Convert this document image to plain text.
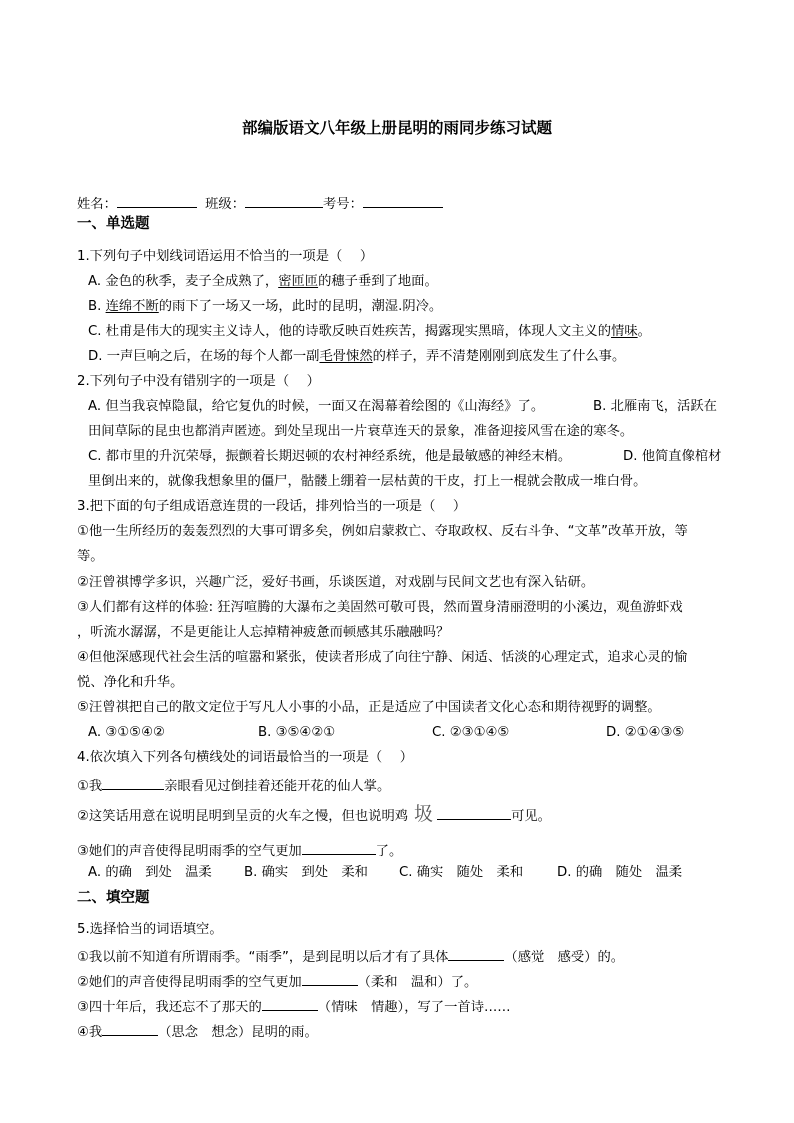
部编版语文八年级上册昆明的雨同步练习试题
姓名：	班级：	考号：
一、单选题
1.下列句子中划线词语运用不恰当的一项是（　 ）
A. 金色的秋季，麦子全成熟了，密匝匝的穗子垂到了地面。
B. 连绵不断的雨下了一场又一场，此时的昆明，潮湿.阴冷。
C. 杜甫是伟大的现实主义诗人，他的诗歌反映百姓疾苦，揭露现实黑暗，体现人文主义的情味。
D. 一声巨响之后，在场的每个人都一副毛骨悚然的样子，弄不清楚刚刚到底发生了什么事。
2.下列句子中没有错别字的一项是（　 ）
A. 但当我哀悼隐鼠，给它复仇的时候，一面又在渴幕着绘图的《山海经》了。	B. 北雁南飞，活跃在
田间草际的昆虫也都消声匿迹。到处呈现出一片衰草连天的景象，准备迎接风雪在途的寒冬。
C. 都市里的升沉荣辱，振颤着长期迟顿的农村神经系统，他是最敏感的神经末梢。	D. 他简直像棺材
里倒出来的，就像我想象里的僵尸，骷髅上绷着一层枯黄的干皮，打上一棍就会散成一堆白骨。
3.把下面的句子组成语意连贯的一段话，排列恰当的一项是（　 ）
①他一生所经历的轰轰烈烈的大事可谓多矣，例如启蒙救亡、夺取政权、反右斗争、“文革”改革开放，等
等。
②汪曾祺博学多识，兴趣广泛，爱好书画，乐谈医道，对戏剧与民间文艺也有深入钻研。
③人们都有这样的体验: 狂泻喧腾的大瀑布之美固然可敬可畏，然而置身清丽澄明的小溪边，观鱼游虾戏
，听流水潺潺，不是更能让人忘掉精神疲惫而顿感其乐融融吗？
④但他深感现代社会生活的喧嚣和紧张，使读者形成了向往宁静、闲适、恬淡的心理定式，追求心灵的愉
悦、净化和升华。
⑤汪曾祺把自己的散文定位于写凡人小事的小品，正是适应了中国读者文化心态和期待视野的调整。
A. ③①⑤④②	B. ③⑤④②①	C. ②③①④⑤	D. ②①④③⑤
4.依次填入下列各句横线处的词语最恰当的一项是（　 ）
①我	亲眼看见过倒挂着还能开花的仙人掌。
②这笑话用意在说明昆明到呈贡的火车之慢，但也说明鸡 圾	可见。
③她们的声音使得昆明雨季的空气更加	了。
A. 的确　到处　温柔 B. 确实　到处　柔和 C. 确实　随处　柔和	D. 的确　随处　温柔
二、填空题
5.选择恰当的词语填空。
①我以前不知道有所谓雨季。“雨季”，是到昆明以后才有了具体	（感觉　感受）的。
②她们的声音使得昆明雨季的空气更加	（柔和　温和）了。
③四十年后，我还忘不了那天的	（情味　情趣），写了一首诗……
④我	（思念　想念）昆明的雨。
